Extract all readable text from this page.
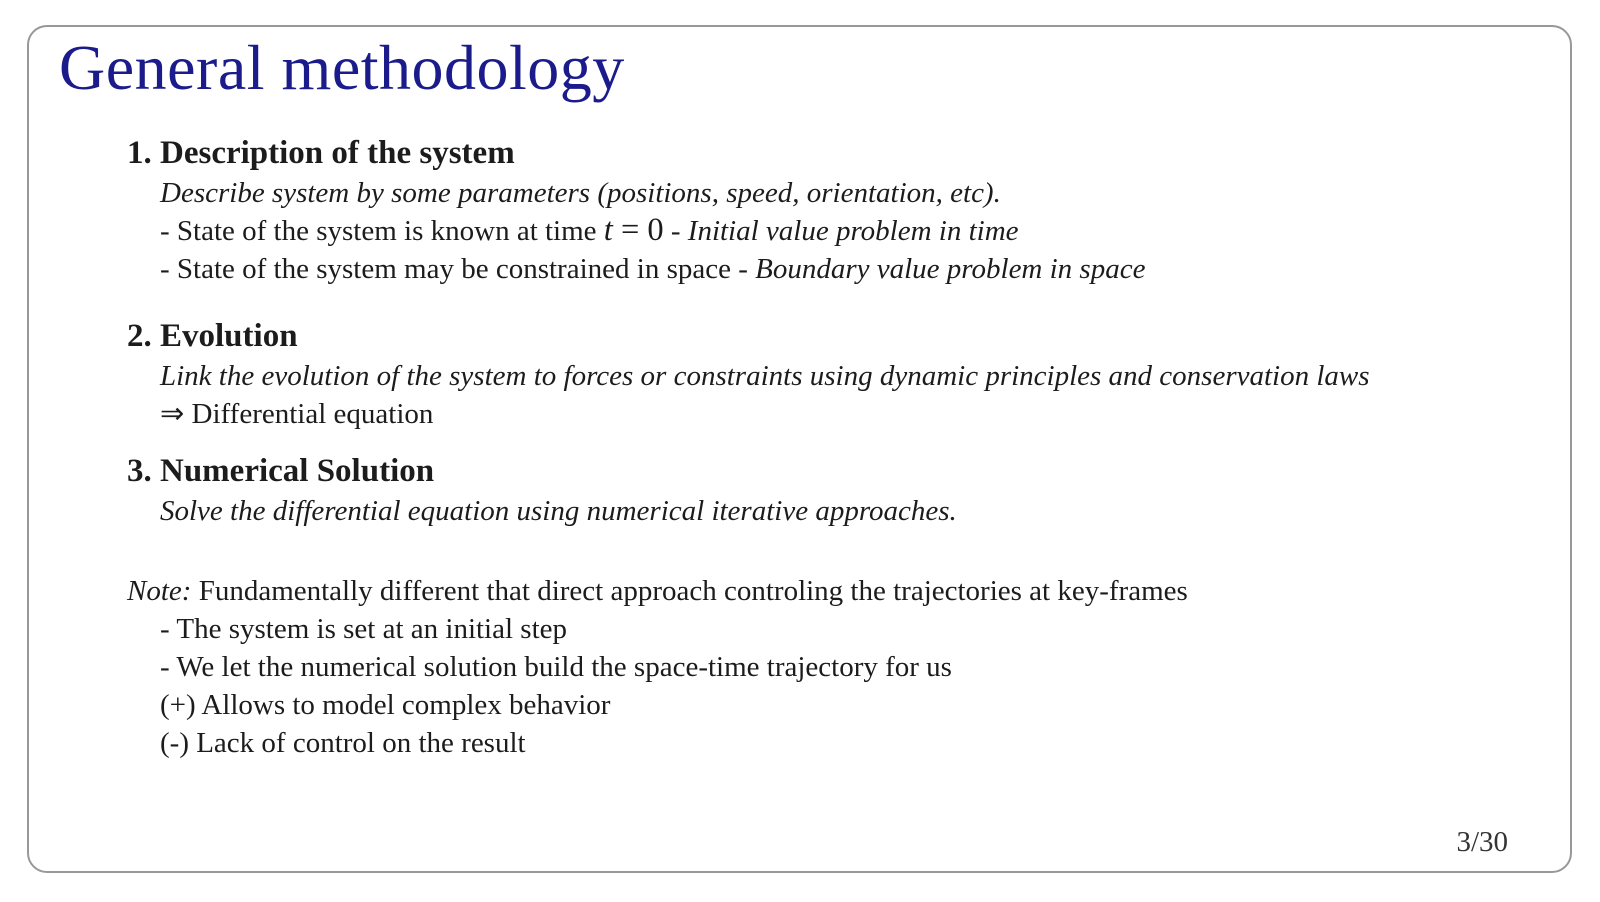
General methodology
1. Description of the system
Describe system by some parameters (positions, speed, orientation, etc).
- State of the system is known at time t = 0 - Initial value problem in time
- State of the system may be constrained in space - Boundary value problem in space
2. Evolution
Link the evolution of the system to forces or constraints using dynamic principles and conservation laws
⇒ Differential equation
3. Numerical Solution
Solve the differential equation using numerical iterative approaches.
Note: Fundamentally different that direct approach controling the trajectories at key-frames
- The system is set at an initial step
- We let the numerical solution build the space-time trajectory for us
(+) Allows to model complex behavior
(-) Lack of control on the result
3/30
